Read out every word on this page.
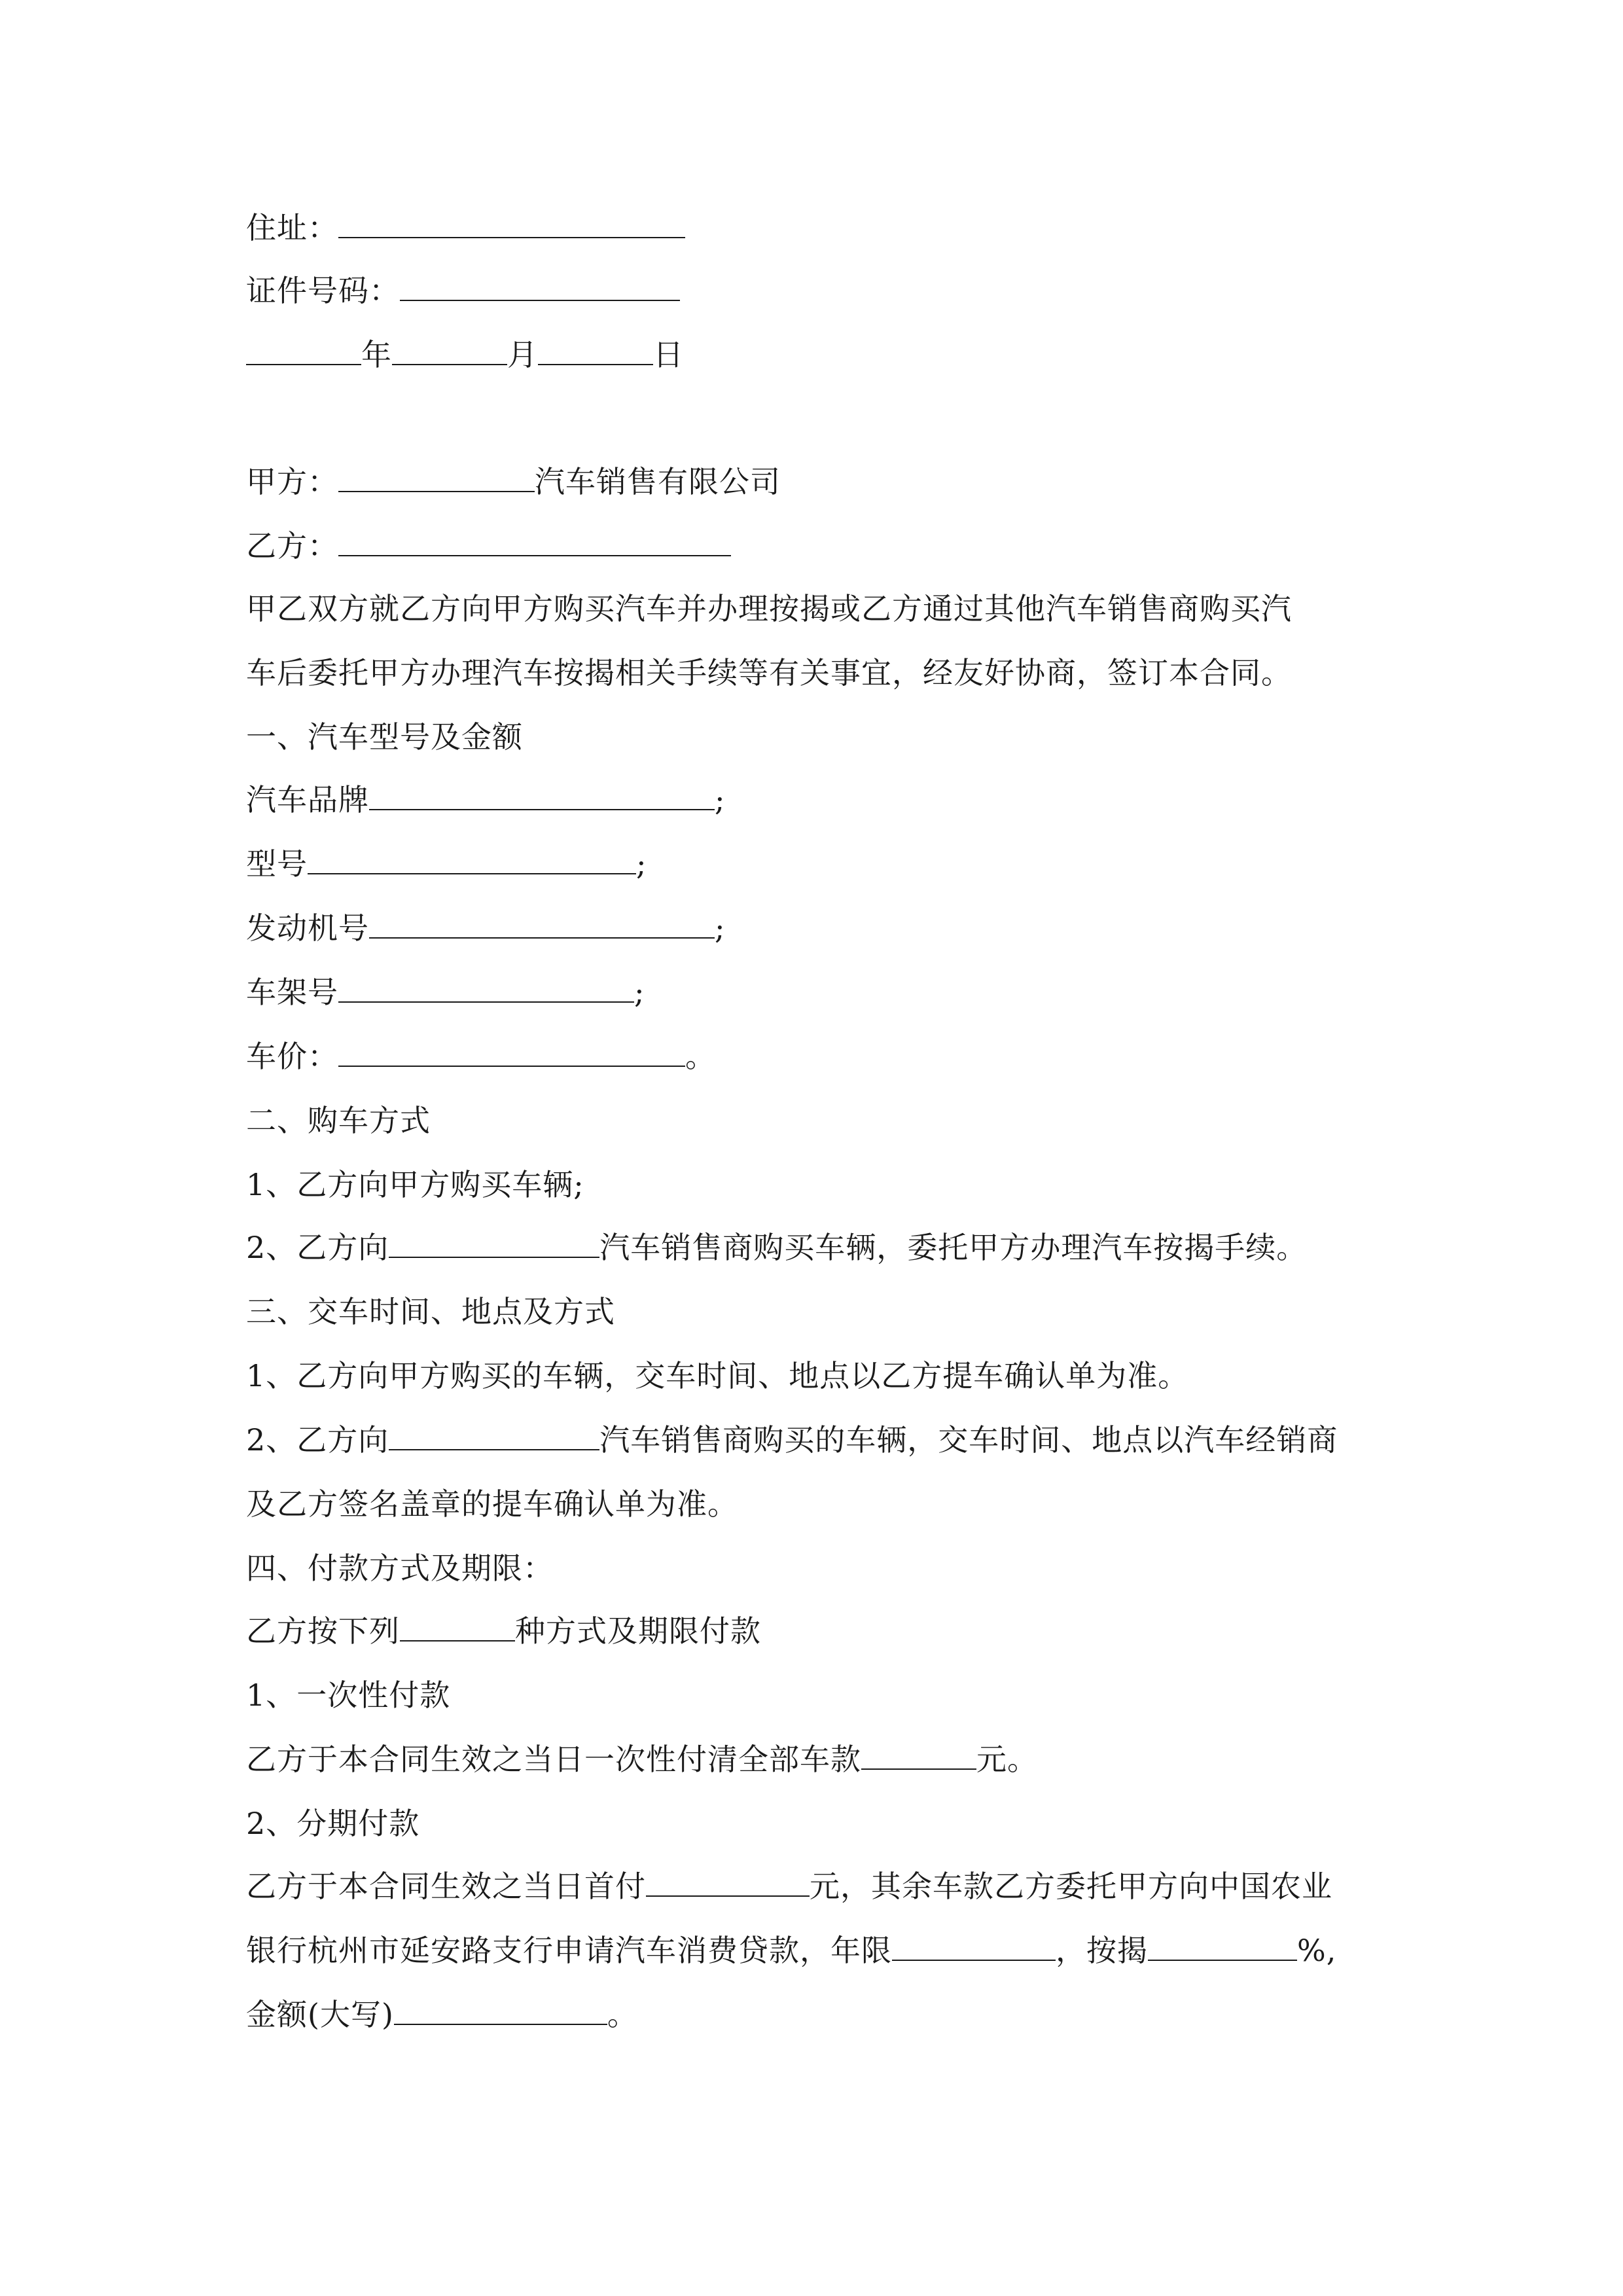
住址：
证件号码：
年	月	日
甲方：	汽车销售有限公司
乙方：
甲乙双方就乙方向甲方购买汽车并办理按揭或乙方通过其他汽车销售商购买汽
车后委托甲方办理汽车按揭相关手续等有关事宜，经友好协商，签订本合同。
一、汽车型号及金额
汽车品牌	;
型号	;
发动机号	;
车架号	;
车价：	。
二、购车方式
1、乙方向甲方购买车辆;
2、乙方向	汽车销售商购买车辆，委托甲方办理汽车按揭手续。
三、交车时间、地点及方式
1、乙方向甲方购买的车辆，交车时间、地点以乙方提车确认单为准。
2、乙方向	汽车销售商购买的车辆，交车时间、地点以汽车经销商
及乙方签名盖章的提车确认单为准。
四、付款方式及期限：
乙方按下列	种方式及期限付款
1、一次性付款
乙方于本合同生效之当日一次性付清全部车款	元。
2、分期付款
乙方于本合同生效之当日首付	元，其余车款乙方委托甲方向中国农业
银行杭州市延安路支行申请汽车消费贷款，年限	，按揭	%,
金额(大写)	。
